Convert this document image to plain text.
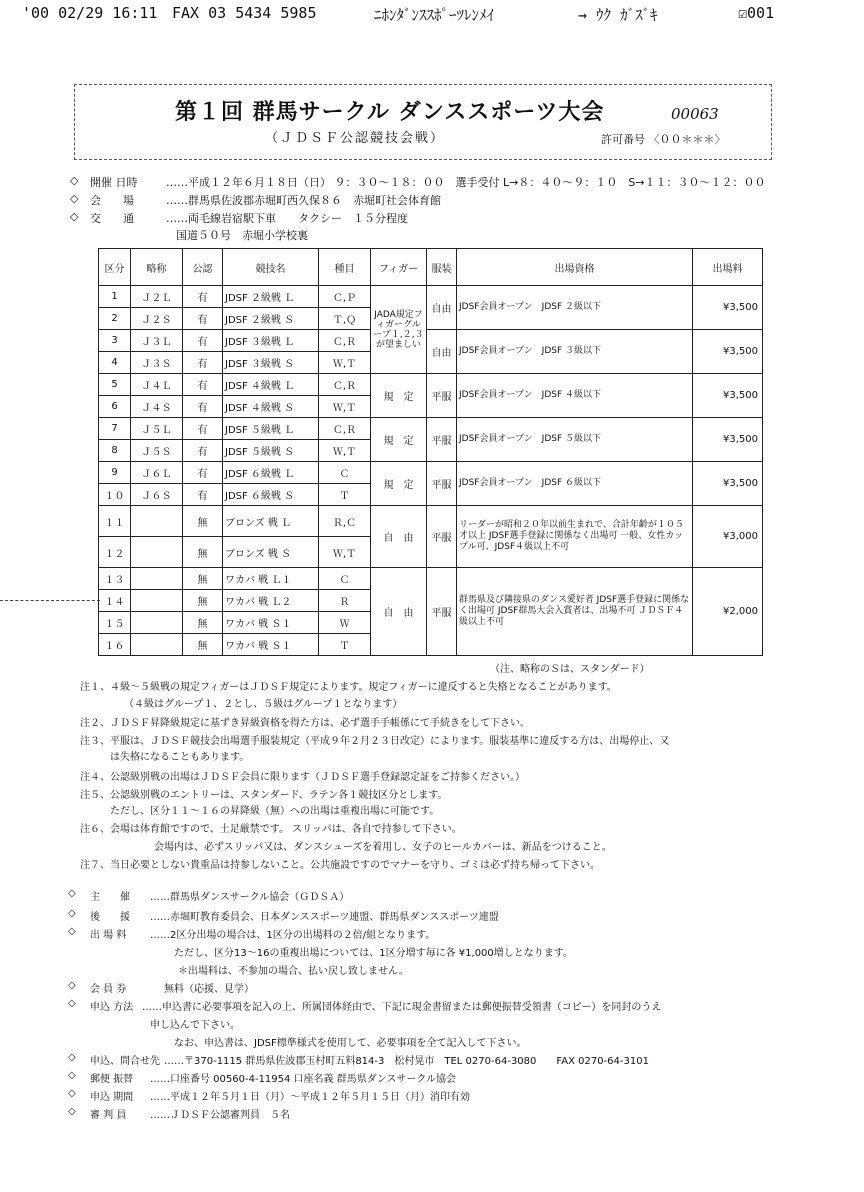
'00 02/29 16:11 FAX 03 5434 5985	ﾆﾎﾝﾀﾞﾝｽｽﾎﾟｰﾂﾚﾝﾒｲ	→ ｳｸ ｶﾞｽﾞｷ	☑001
第１回 群馬サークル ダンススポーツ大会
（ＪＤＳＦ公認競技会戦）
00063
許可番号 〈００＊＊＊〉
◇ 開催 日時	……平成１２年６月１８日（日） ９：３０～１８：００　選手受付 L→８：４０～９：１０　S→１１：３０～１２：００
◇ 会　　場	……群馬県佐波郡赤堀町西久保８６　赤堀町社会体育館
◇ 交　　通	……両毛線岩宿駅下車　　タクシー　１５分程度
国道５０号　赤堀小学校裏
区分	略称	公認	競技名	種目	フィガー	服装	出場資格	出場料
1	Ｊ２Ｌ	有	JDSF ２級戦 Ｌ	Ｃ,Ｐ	JADA規定フィガーグループ１,２,３が望ましい	自由	JDSF会員オープン　JDSF ２級以下	¥3,500
2	Ｊ２Ｓ	有	JDSF ２級戦 Ｓ	Ｔ,Ｑ				
3	Ｊ３Ｌ	有	JDSF ３級戦 Ｌ	Ｃ,Ｒ		自由	JDSF会員オープン　JDSF ３級以下	¥3,500
4	Ｊ３Ｓ	有	JDSF ３級戦 Ｓ	Ｗ,Ｔ				
5	Ｊ４Ｌ	有	JDSF ４級戦 Ｌ	Ｃ,Ｒ	規　定	平服	JDSF会員オープン　JDSF ４級以下	¥3,500
6	Ｊ４Ｓ	有	JDSF ４級戦 Ｓ	Ｗ,Ｔ				
7	Ｊ５Ｌ	有	JDSF ５級戦 Ｌ	Ｃ,Ｒ	規　定	平服	JDSF会員オープン　JDSF ５級以下	¥3,500
8	Ｊ５Ｓ	有	JDSF ５級戦 Ｓ	Ｗ,Ｔ				
9	Ｊ６Ｌ	有	JDSF ６級戦 Ｌ	Ｃ	規　定	平服	JDSF会員オープン　JDSF ６級以下	¥3,500
１０	Ｊ６Ｓ	有	JDSF ６級戦 Ｓ	Ｔ				
１１		無	ブロンズ 戦 Ｌ	Ｒ,Ｃ	自　由	平服	リーダーが昭和２０年以前生まれで、合計年齢が１０５才以上 JDSF選手登録に関係なく出場可 一般、女性カップル可、JDSF４級以上不可	¥3,000
１２		無	ブロンズ 戦 Ｓ	Ｗ,Ｔ				
１３		無	ワカバ 戦 Ｌ１	Ｃ	自　由	平服	群馬県及び隣接県のダンス愛好者 JDSF選手登録に関係なく出場可 JDSF群馬大会入賞者は、出場不可 ＪＤＳＦ４級以上不可	¥2,000
１４		無	ワカバ 戦 Ｌ２	Ｒ				
１５		無	ワカバ 戦 Ｓ１	Ｗ				
１６		無	ワカバ 戦 Ｓ１	Ｔ				
（注、略称のＳは、スタンダード）
注１、４級～５級戦の規定フィガーはＪＤＳＦ規定によります。規定フィガーに違反すると失格となることがあります。
（４級はグループ１、２とし、５級はグループ１となります）
注２、ＪＤＳＦ昇降級規定に基ずき昇級資格を得た方は、必ず選手手帳係にて手続きをして下さい。
注３、平服は、ＪＤＳＦ競技会出場選手服装規定（平成９年２月２３日改定）によります。服装基準に違反する方は、出場停止、又
は失格になることもあります。
注４、公認級別戦の出場はＪＤＳＦ会員に限ります（ＪＤＳＦ選手登録認定証をご持参ください。）
注５、公認級別戦のエントリーは、スタンダード、ラテン各１競技区分とします。
ただし、区分１１～１６の昇降級（無）への出場は重複出場に可能です。
注６、会場は体育館ですので、土足厳禁です。 スリッパは、各自で持参して下さい。
会場内は、必ずスリッパ又は、ダンスシューズを着用し、女子のヒールカバーは、新品をつけること。
注７、当日必要としない貴重品は持参しないこと。公共施設ですのでマナーを守り、ゴミは必ず持ち帰って下さい。
◇ 主　　催 ……群馬県ダンスサークル協会（ＧＤＳＡ）
◇ 後　　援 ……赤堀町教育委員会、日本ダンススポーツ連盟、群馬県ダンススポーツ連盟
◇ 出 場 料 ……2区分出場の場合は、1区分の出場料の２倍/組となります。
ただし、区分13～16の重複出場については、1区分増す毎に各 ¥1,000増しとなります。
＊出場料は、不参加の場合、払い戻し致しません。
◇ 会 員 券	無料（応援、見学）
◇ 申込 方法 ……申込書に必要事項を記入の上、所属団体経由で、下記に現金書留または郵便振替受領書（コピー）を同封のうえ
申し込んで下さい。
なお、申込書は、JDSF標準様式を使用して、必要事項を全て記入して下さい。
◇ 申込、問合せ先 ……〒370-1115 群馬県佐波郡玉村町五料814-3　松村晃市　TEL 0270-64-3080　　FAX 0270-64-3101
◇ 郵便 振替 ……口座番号 00560-4-11954 口座名義 群馬県ダンスサークル協会
◇ 申込 期間 ……平成１２年５月１日（月）～平成１２年５月１５日（月）消印有効
◇ 審 判 員 ……ＪＤＳＦ公認審判員　５名
